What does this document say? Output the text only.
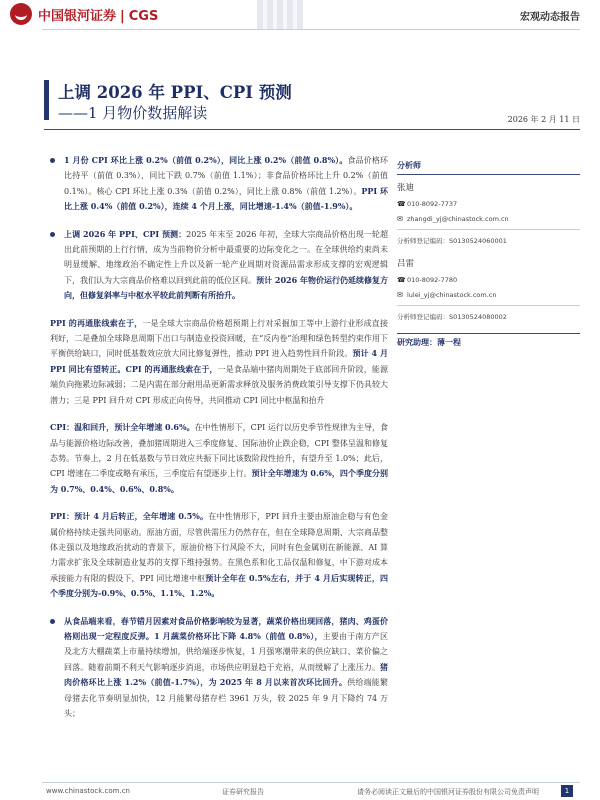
中国银河证券 | CGS	宏观动态报告
上调 2026 年 PPI、CPI 预测
——1 月物价数据解读	2026 年 2 月 11 日

1 月份 CPI 环比上涨 0.2%（前值 0.2%），同比上涨 0.2%（前值 0.8%）。食品价格环比持平（前值 0.3%），同比下跌 0.7%（前值 1.1%）；非食品价格环比上升 0.2%（前值 0.1%）。核心 CPI 环比上涨 0.3%（前值 0.2%），同比上涨 0.8%（前值 1.2%）。PPI 环比上涨 0.4%（前值 0.2%），连续 4 个月上涨，同比增速-1.4%（前值-1.9%）。

上调 2026 年 PPI、CPI 预测：2025 年末至 2026 年初，全球大宗商品价格出现一轮超出此前预期的上行行情，成为当前物价分析中最重要的边际变化之一。在全球供给约束尚未明显缓解、地缘政治不确定性上升以及新一轮产业周期对资源品需求形成支撑的宏观逻辑下，我们认为大宗商品价格难以回到此前的低位区间。预计 2026 年物价运行仍延续修复方向，但修复斜率与中枢水平较此前判断有所抬升。

PPI 的再通胀线索在于，一是全球大宗商品价格超预期上行对采掘加工等中上游行业形成直接利好，二是叠加全球降息周期下出口与制造业投资回暖，在“反内卷”治理和绿色转型约束作用下平衡供给缺口，同时低基数效应放大同比修复弹性，推动 PPI 进入趋势性回升阶段。预计 4 月 PPI 同比有望转正。CPI 的再通胀线索在于，一是食品端中猪肉周期处于底部回升阶段，能源端负向拖累边际减弱；二是内需在部分耐用品更新需求释放及服务消费政策引导支撑下仍具较大潜力；三是 PPI 回升对 CPI 形成正向传导，共同推动 CPI 同比中枢温和抬升

CPI：温和回升，预计全年增速 0.6%。在中性情形下，CPI 运行以历史季节性规律为主导，食品与能源价格边际改善，叠加猪周期进入三季度修复、国际油价止跌企稳，CPI 整体呈温和修复态势。节奏上，2 月在低基数与节日效应共振下同比该数阶段性抬升，有望升至 1.0%；此后，CPI 增速在二季度或略有承压，三季度后有望逐步上行。预计全年增速为 0.6%，四个季度分别为 0.7%、0.4%、0.6%、0.8%。

PPI：预计 4 月后转正，全年增速 0.5%。在中性情形下，PPI 回升主要由原油企稳与有色金属价格持续走强共同驱动。原油方面，尽管供需压力仍然存在，但在全球降息周期、大宗商品整体走强以及地缘政治扰动的背景下，原油价格下行风险不大，同时有色金属则在新能源、AI 算力需求扩张及全球制造业复苏的支撑下维持强势。在黑色系和化工品仅温和修复，中下游对成本承接能力有限的假设下，PPI 同比增速中枢预计全年在 0.5%左右，并于 4 月后实现转正，四个季度分别为-0.9%、0.5%、1.1%、1.2%。

从食品端来看，春节错月因素对食品价格影响较为显著，蔬菜价格出现回落，猪肉、鸡蛋价格则出现一定程度反弹。1 月蔬菜价格环比下降 4.8%（前值 0.8%），主要由于南方产区及北方大棚蔬菜上市量持续增加，供给端逐步恢复，1 月强寒潮带来的供应缺口、菜价偏之回落。随着前期不利天气影响逐步消退，市场供应明显趋于充裕，从而缓解了上涨压力。猪肉价格环比上涨 1.2%（前值-1.7%），为 2025 年 8 月以来首次环比回升。供给端能繁母猪去化节奏明显加快，12 月能繁母猪存栏 3961 万头，较 2025 年 9 月下降约 74 万头；

分析师
张迪
☎ 010-8092-7737
✉ zhangdi_yj@chinastock.com.cn
分析师登记编码：S0130524060001
吕雷
☎ 010-8092-7780
✉ lulei_yj@chinastock.com.cn
分析师登记编码：S0130524080002
研究助理：薄一程
www.chinastock.com.cn	证券研究报告	请务必阅读正文最后的中国银河证券股份有限公司免责声明	1
